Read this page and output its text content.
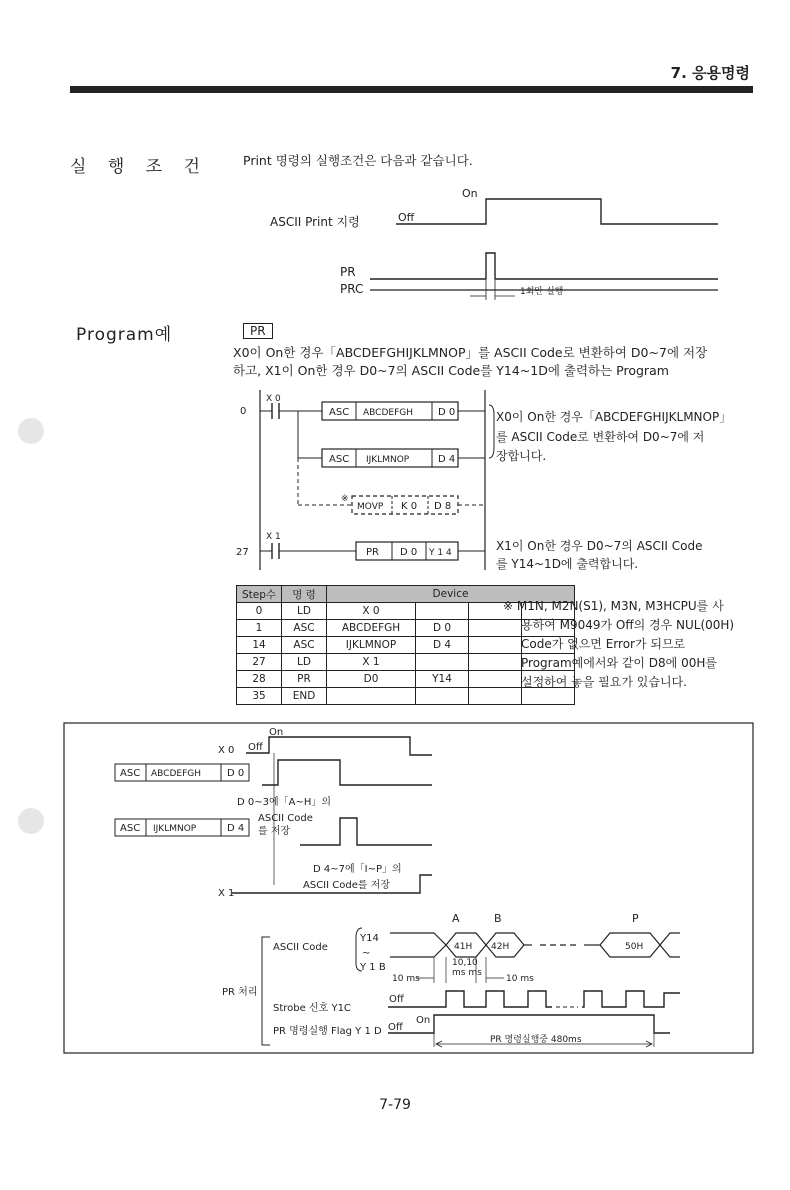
7. 응용명령
실 행 조 건	Print 명령의 실행조건은 다음과 같습니다.
On
ASCII Print 지령	Off
PR
PRC	1회만 실행
Program예	PR
X0이 On한 경우「ABCDEFGHIJKLMNOP」를 ASCII Code로 변환하여 D0~7에 저장
하고, X1이 On한 경우 D0~7의 ASCII Code를 Y14~1D에 출력하는 Program
0
X 0
ASC ABCDEFGH	D 0
ASC IJKLMNOP	D 4
※
MOVP K 0 D 8
27
X 1
PR D 0 Y 1 4
X0이 On한 경우「ABCDEFGHIJKLMNOP」
를 ASCII Code로 변환하여 D0~7에 저
장합니다.
X1이 On한 경우 D0~7의 ASCII Code
를 Y14~1D에 출력합니다.
Step수	명 령	Device			
0	LD	X 0			
1	ASC	ABCDEFGH	D 0		
14	ASC	IJKLMNOP	D 4		
27	LD	X 1			
28	PR	D0	Y14		
35	END				
※ M1N, M2N(S1), M3N, M3HCPU를 사
용하여 M9049가 Off의 경우 NUL(00H)
Code가 없으면 Error가 되므로
Program예에서와 같이 D8에 00H를
설정하여 놓을 필요가 있습니다.
On
X 0 Off
ASC ABCDEFGH	D 0
D 0~3에「A~H」의
ASC IJKLMNOP	D 4
ASCII Code
를 저장
D 4~7에「I~P」의
ASCII Code를 저장
X 1
A	B	P
PR 처리
ASCII Code
Y14
~
Y 1 B
41H 42H	50H
10 ms
10,10
ms ms
10 ms
Strobe 신호 Y1C
Off
On
PR 명령실행 Flag Y 1 D Off
PR 명령실행중 480ms
7-79
